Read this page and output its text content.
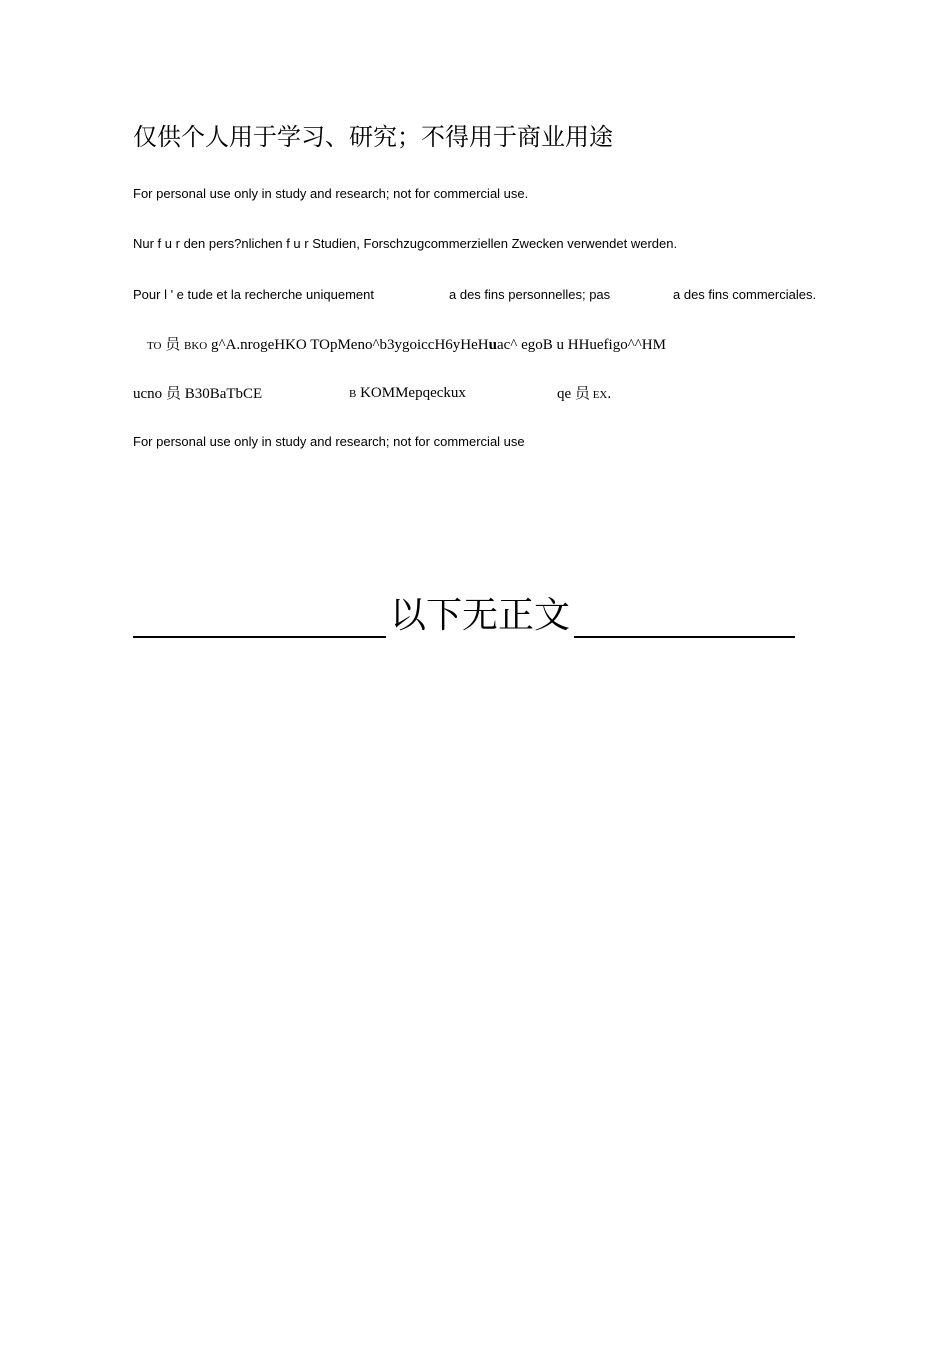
仅供个人用于学习、研究；不得用于商业用途
For personal use only in study and research; not for commercial use.
Nur f u r den pers?nlichen f u r Studien, Forschzugcommerziellen Zwecken verwendet werden.
Pour l ' e tude et la recherche uniquement	a des fins personnelles; pas	a des fins commerciales.
TO 员 BKO g^A.nrogeHKO TOpMeno^b3ygoiccH6yHeHuac^ egoB u HHuefigo^^HM
ucno 员 B30BaTbCE	B KOMMepqeckux	qe 员 EX.
For personal use only in study and research; not for commercial use
以下无正文
